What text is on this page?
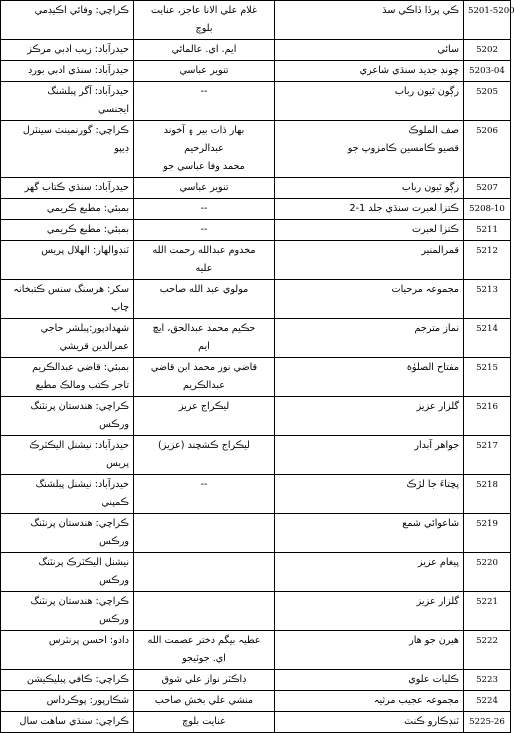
ڪراچي: وفائي اڪيڊمي	غلام علي الانا عاجز، عنايت
بلوچ	ڪي پرڏا ڏاڪي سڌ	5201-5200

حيدرآباد: زيب ادبي مرڪز	ايم. اي. عالمائي	سائي	5202

حيدرآباد: سنڌي ادبي بورڊ	تنوير عباسي	چونڊ جديد سنڌي شاعري	5203-04

حيدرآباد: آگر پبلشنگ
ايجنسي	--	رڳون ٿيون رباب	5205

ڪراچي: گورنمينٽ سينٽرل
ڊيپو	بهار ذات بير ۽ آخوند
عبدالرحيم
محمد وفا عباسي جو	صف الملوڪ
قصيو ڪامسين ڪامزوپ جو	5206

حيدرآباد: سنڌي ڪتاب گهر	تنوير عباسي	رڳو ٿيون رباب	5207

بمبئي: مطبع ڪريمي	--	ڪتزا لعبرت سنڌي جلد 1-2	5208-10

بمبئي: مطبع ڪريمي	--	ڪتزا لعبرت	5211

ٽنڊوالهار: الهلال پريس	مخدوم عبدالله رحمت الله
عليه	قمرالمنير	5212

سکر: هرسنگ سنس ڪتبخانہ
چاپ	مولوي عبد الله صاحب	مجموعہ مرحيات	5213

شهدادپور:پبلشر حاجي
عمرالدين قريشي	حڪيم محمد عبدالحق، ايچ
ايم	نماز مترجم	5214

بمبئي: قاضي عبدالڪريم
تاجر ڪتب ومالڪ مطبع	قاضي نور محمد ابن قاضي
عبدالڪريم	مفتاح الصلوٰة	5215

ڪراچي: هندستان پرنٽنگ
ورڪس	ليڪراج عزيز	گلزار عزيز	5216

حيدرآباد: نيشنل اليڪٽرڪ
پريس	ليڪراج ڪشچند (عزيز)	جواهر آبدار	5217

حيدرآباد: نيشنل پبلشنگ
ڪمپني	--	پچتاءَ جا لڙڪ	5218

ڪراچي: هندستان پرنٽنگ
ورڪس		شاعوائي شمع	5219

نيشنل اليڪٽرڪ پرنٽنگ
ورڪس		پيغام عزيز	5220

ڪراچي: هندستان پرنٽنگ
ورڪس		گلزار عزيز	5221

دادو: احسن پرنٽرس	عطيہ بيگم دختر عصمت الله
اي. جوٽيجو	هيرن جو هار	5222

ڪراچي: ڪافي پبليڪيشن	ڊاڪٽر نواز علي شوق	ڪليات علوي	5223

شڪارپور: پوڪرداس	منشي علي بخش صاحب	مجموعہ عجيب مرثيہ	5224

ڪراچي: سنڌي ساهت سال	عنايت بلوچ	ٽنڊڪارو ڪنٽ	5225-26
